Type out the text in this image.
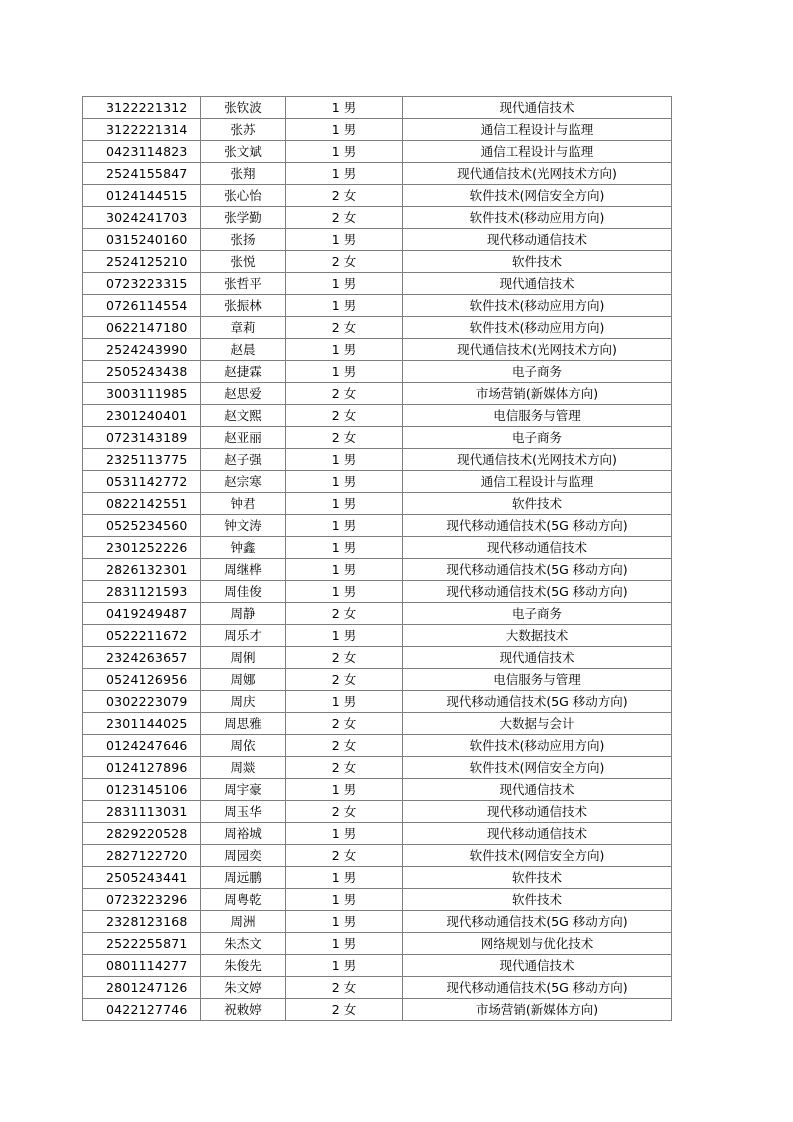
3122221312	张钦波	1 男	现代通信技术
3122221314	张苏	1 男	通信工程设计与监理
0423114823	张文斌	1 男	通信工程设计与监理
2524155847	张翔	1 男	现代通信技术(光网技术方向)
0124144515	张心怡	2 女	软件技术(网信安全方向)
3024241703	张学勤	2 女	软件技术(移动应用方向)
0315240160	张扬	1 男	现代移动通信技术
2524125210	张悦	2 女	软件技术
0723223315	张哲平	1 男	现代通信技术
0726114554	张振林	1 男	软件技术(移动应用方向)
0622147180	章莉	2 女	软件技术(移动应用方向)
2524243990	赵晨	1 男	现代通信技术(光网技术方向)
2505243438	赵捷霖	1 男	电子商务
3003111985	赵思爱	2 女	市场营销(新媒体方向)
2301240401	赵文熙	2 女	电信服务与管理
0723143189	赵亚丽	2 女	电子商务
2325113775	赵子强	1 男	现代通信技术(光网技术方向)
0531142772	赵宗寒	1 男	通信工程设计与监理
0822142551	钟君	1 男	软件技术
0525234560	钟文涛	1 男	现代移动通信技术(5G 移动方向)
2301252226	钟鑫	1 男	现代移动通信技术
2826132301	周继桦	1 男	现代移动通信技术(5G 移动方向)
2831121593	周佳俊	1 男	现代移动通信技术(5G 移动方向)
0419249487	周静	2 女	电子商务
0522211672	周乐才	1 男	大数据技术
2324263657	周俐	2 女	现代通信技术
0524126956	周娜	2 女	电信服务与管理
0302223079	周庆	1 男	现代移动通信技术(5G 移动方向)
2301144025	周思雅	2 女	大数据与会计
0124247646	周依	2 女	软件技术(移动应用方向)
0124127896	周燚	2 女	软件技术(网信安全方向)
0123145106	周宇豪	1 男	现代通信技术
2831113031	周玉华	2 女	现代移动通信技术
2829220528	周裕城	1 男	现代移动通信技术
2827122720	周园奕	2 女	软件技术(网信安全方向)
2505243441	周远鹏	1 男	软件技术
0723223296	周粤乾	1 男	软件技术
2328123168	周洲	1 男	现代移动通信技术(5G 移动方向)
2522255871	朱杰文	1 男	网络规划与优化技术
0801114277	朱俊先	1 男	现代通信技术
2801247126	朱文婷	2 女	现代移动通信技术(5G 移动方向)
0422127746	祝敕婷	2 女	市场营销(新媒体方向)
